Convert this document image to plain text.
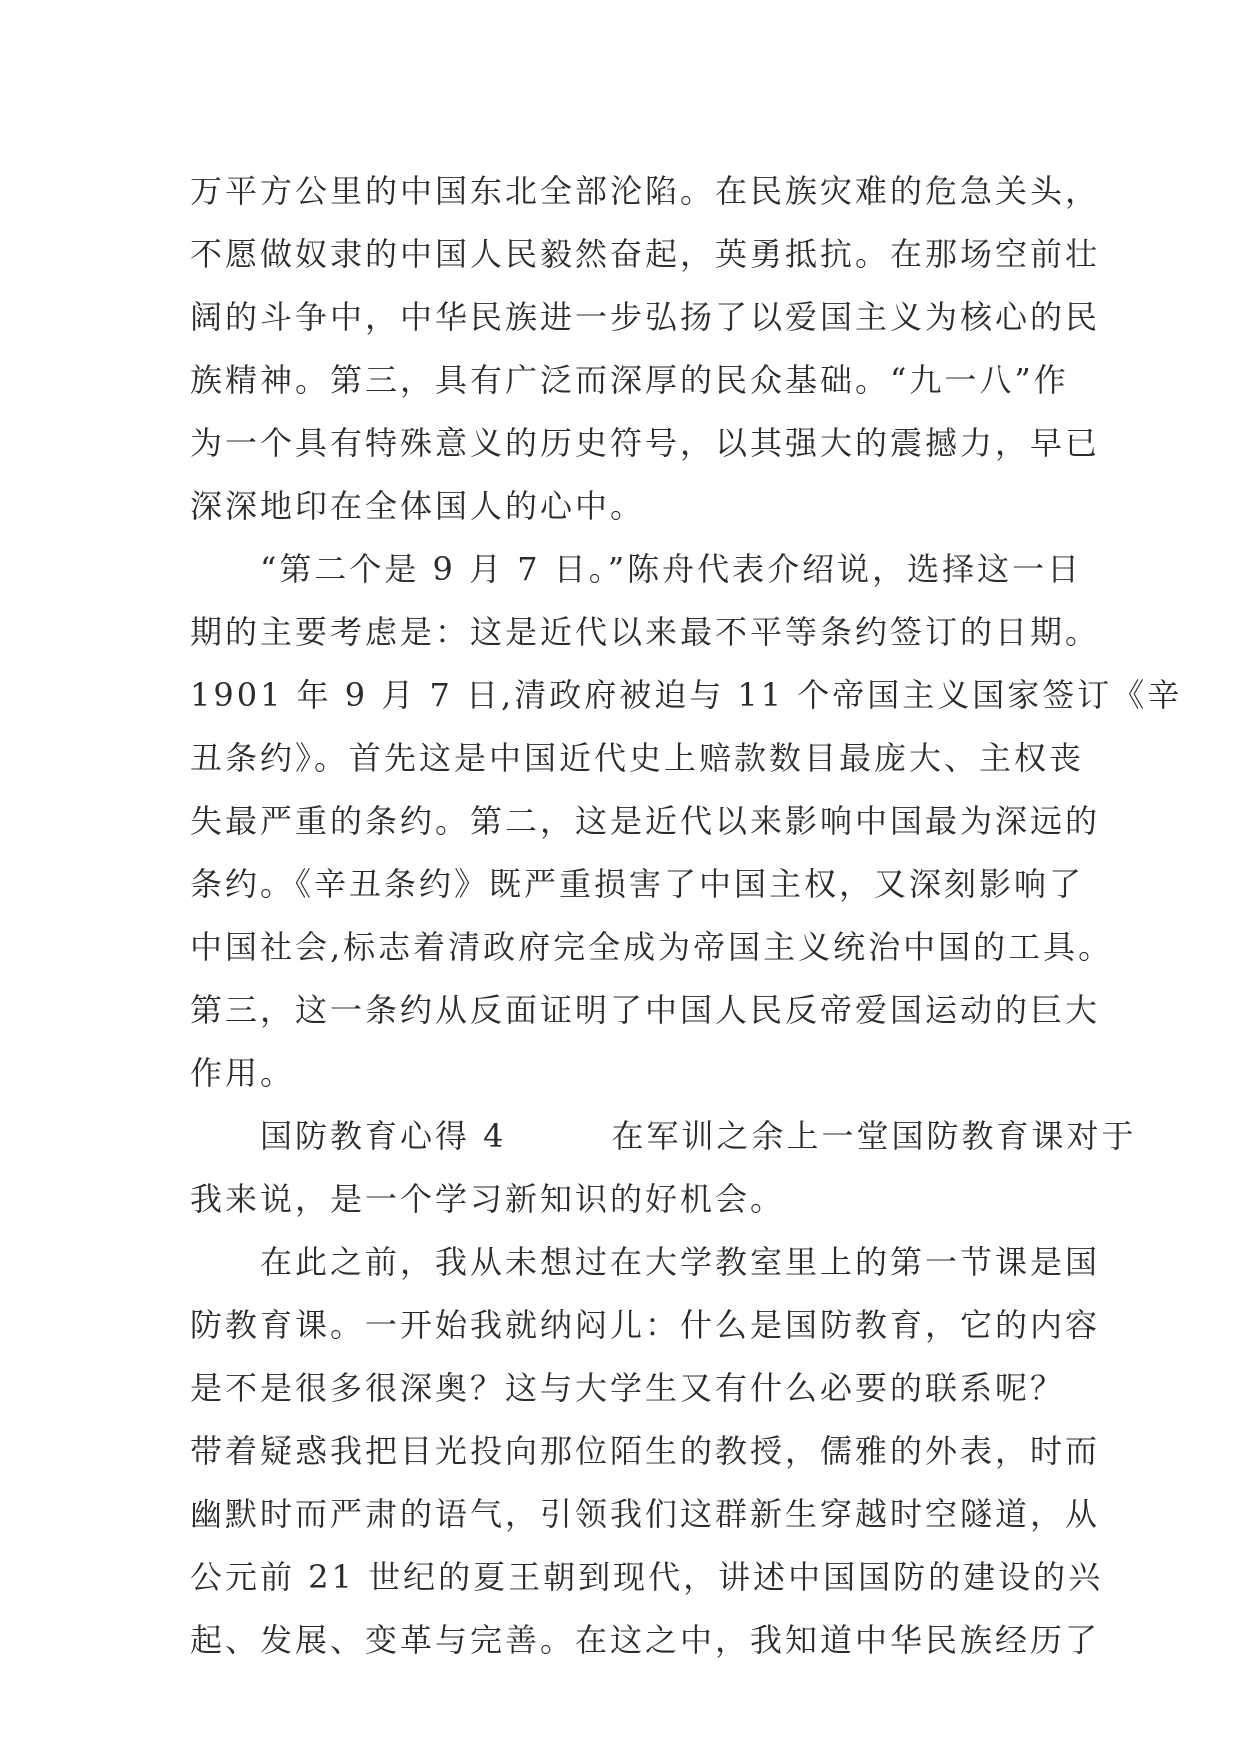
万平方公里的中国东北全部沦陷。在民族灾难的危急关头，
不愿做奴隶的中国人民毅然奋起，英勇抵抗。在那场空前壮
阔的斗争中，中华民族进一步弘扬了以爱国主义为核心的民
族精神。第三，具有广泛而深厚的民众基础。“九一八”作
为一个具有特殊意义的历史符号，以其强大的震撼力，早已
深深地印在全体国人的心中。
　　“第二个是 9 月 7 日。”陈舟代表介绍说，选择这一日
期的主要考虑是：这是近代以来最不平等条约签订的日期。
1901 年 9 月 7 日,清政府被迫与 11 个帝国主义国家签订《辛
丑条约》。首先这是中国近代史上赔款数目最庞大、主权丧
失最严重的条约。第二，这是近代以来影响中国最为深远的
条约。《辛丑条约》既严重损害了中国主权，又深刻影响了
中国社会,标志着清政府完全成为帝国主义统治中国的工具。
第三，这一条约从反面证明了中国人民反帝爱国运动的巨大
作用。
　　国防教育心得 4　　　在军训之余上一堂国防教育课对于
我来说，是一个学习新知识的好机会。
　　在此之前，我从未想过在大学教室里上的第一节课是国
防教育课。一开始我就纳闷儿：什么是国防教育，它的内容
是不是很多很深奥？这与大学生又有什么必要的联系呢？
带着疑惑我把目光投向那位陌生的教授，儒雅的外表，时而
幽默时而严肃的语气，引领我们这群新生穿越时空隧道，从
公元前 21 世纪的夏王朝到现代，讲述中国国防的建设的兴
起、发展、变革与完善。在这之中，我知道中华民族经历了
